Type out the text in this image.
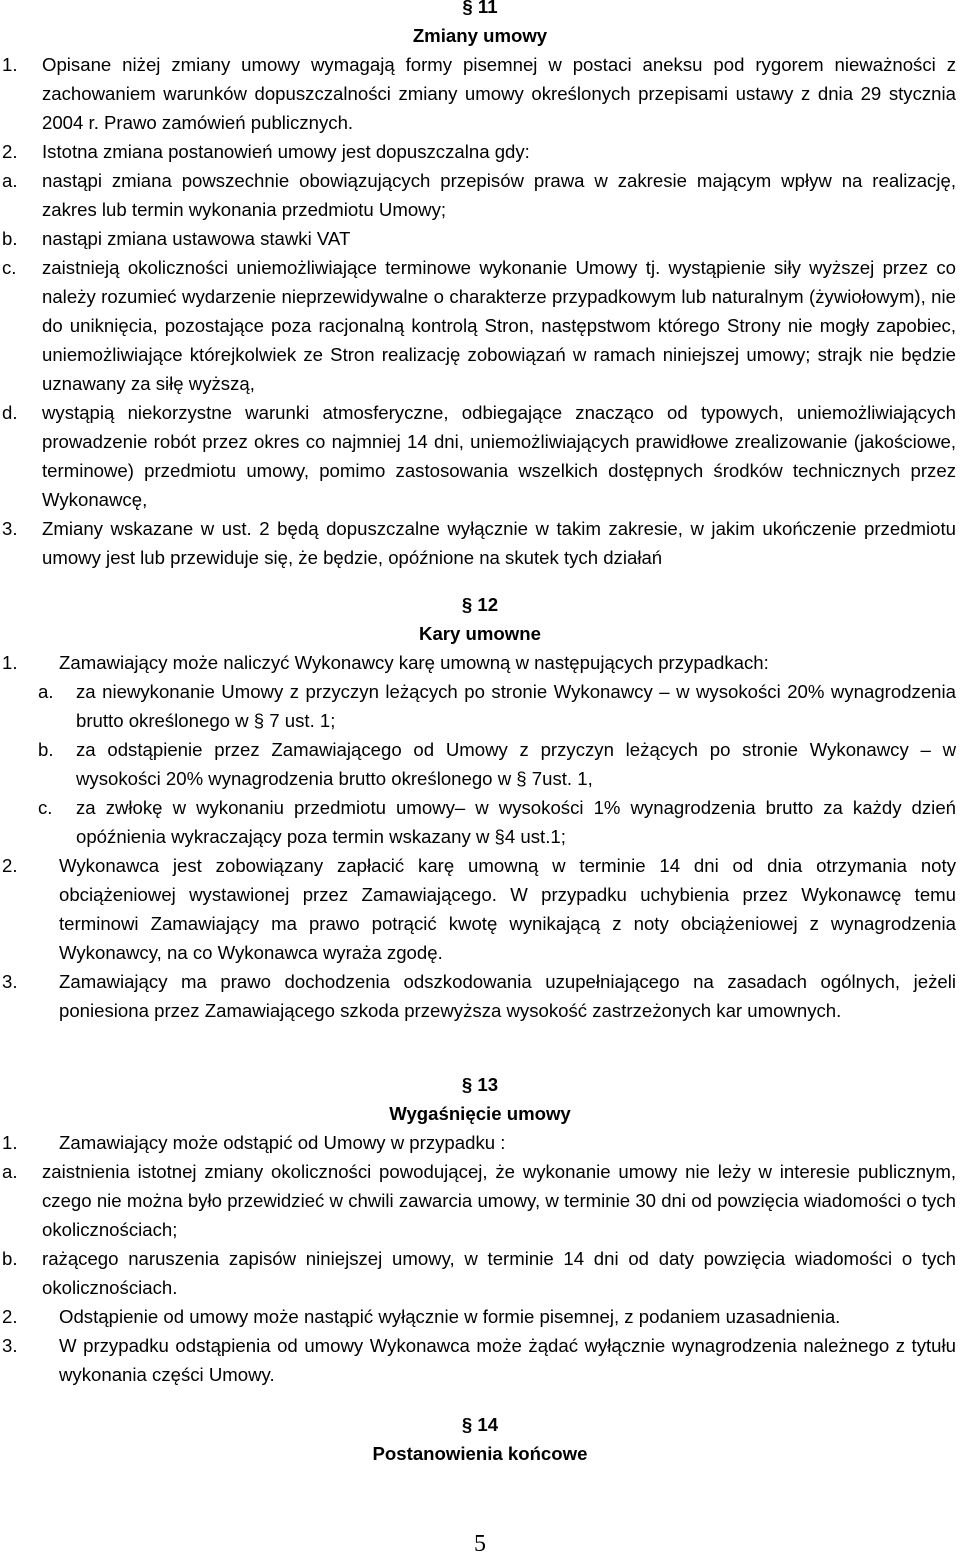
§ 11

Zmiany umowy

1.	Opisane niżej zmiany umowy wymagają formy pisemnej w postaci aneksu pod rygorem nieważności z zachowaniem warunków dopuszczalności zmiany umowy określonych przepisami ustawy z dnia 29 stycznia 2004 r. Prawo zamówień publicznych.
2.	Istotna zmiana postanowień umowy jest dopuszczalna gdy:
a.	nastąpi zmiana powszechnie obowiązujących przepisów prawa w zakresie mającym wpływ na realizację, zakres lub termin wykonania przedmiotu Umowy;
b.	nastąpi zmiana ustawowa stawki VAT
c.	zaistnieją okoliczności uniemożliwiające terminowe wykonanie Umowy tj. wystąpienie siły wyższej przez co należy rozumieć wydarzenie nieprzewidywalne o charakterze przypadkowym lub naturalnym (żywiołowym), nie do uniknięcia, pozostające poza racjonalną kontrolą Stron, następstwom którego Strony nie mogły zapobiec, uniemożliwiające którejkolwiek ze Stron realizację zobowiązań w ramach niniejszej umowy; strajk nie będzie uznawany za siłę wyższą,
d.	wystąpią niekorzystne warunki atmosferyczne, odbiegające znacząco od typowych, uniemożliwiających prowadzenie robót przez okres co najmniej 14 dni, uniemożliwiających prawidłowe zrealizowanie (jakościowe, terminowe) przedmiotu umowy, pomimo zastosowania wszelkich dostępnych środków technicznych przez Wykonawcę,
3.	Zmiany wskazane w ust. 2 będą dopuszczalne wyłącznie w takim zakresie, w jakim ukończenie przedmiotu umowy jest lub przewiduje się, że będzie, opóźnione na skutek tych działań

§ 12

Kary umowne

1.	Zamawiający może naliczyć Wykonawcy karę umowną w następujących przypadkach:
a.	za niewykonanie Umowy z przyczyn leżących po stronie Wykonawcy – w wysokości 20% wynagrodzenia brutto określonego w § 7 ust. 1;
b.	za odstąpienie przez Zamawiającego od Umowy z przyczyn leżących po stronie Wykonawcy – w wysokości 20% wynagrodzenia brutto określonego w § 7ust. 1,
c.	za zwłokę w wykonaniu przedmiotu umowy– w wysokości 1% wynagrodzenia brutto za każdy dzień opóźnienia wykraczający poza termin wskazany w §4 ust.1;
2.	Wykonawca jest zobowiązany zapłacić karę umowną w terminie 14 dni od dnia otrzymania noty obciążeniowej wystawionej przez Zamawiającego. W przypadku uchybienia przez Wykonawcę temu terminowi Zamawiający ma prawo potrącić kwotę wynikającą z noty obciążeniowej z wynagrodzenia Wykonawcy, na co Wykonawca wyraża zgodę.
3.	Zamawiający ma prawo dochodzenia odszkodowania uzupełniającego na zasadach ogólnych, jeżeli poniesiona przez Zamawiającego szkoda przewyższa wysokość zastrzeżonych kar umownych.

§ 13

Wygaśnięcie umowy

1.	Zamawiający może odstąpić od Umowy w przypadku :
a.	zaistnienia istotnej zmiany okoliczności powodującej, że wykonanie umowy nie leży w interesie publicznym, czego nie można było przewidzieć w chwili zawarcia umowy, w terminie 30 dni od powzięcia wiadomości o tych okolicznościach;
b.	rażącego naruszenia zapisów niniejszej umowy, w terminie 14 dni od daty powzięcia wiadomości o tych okolicznościach.
2.	Odstąpienie od umowy może nastąpić wyłącznie w formie pisemnej, z podaniem uzasadnienia.
3.	W przypadku odstąpienia od umowy Wykonawca może żądać wyłącznie wynagrodzenia należnego z tytułu wykonania części Umowy.

§ 14

Postanowienia końcowe

5
